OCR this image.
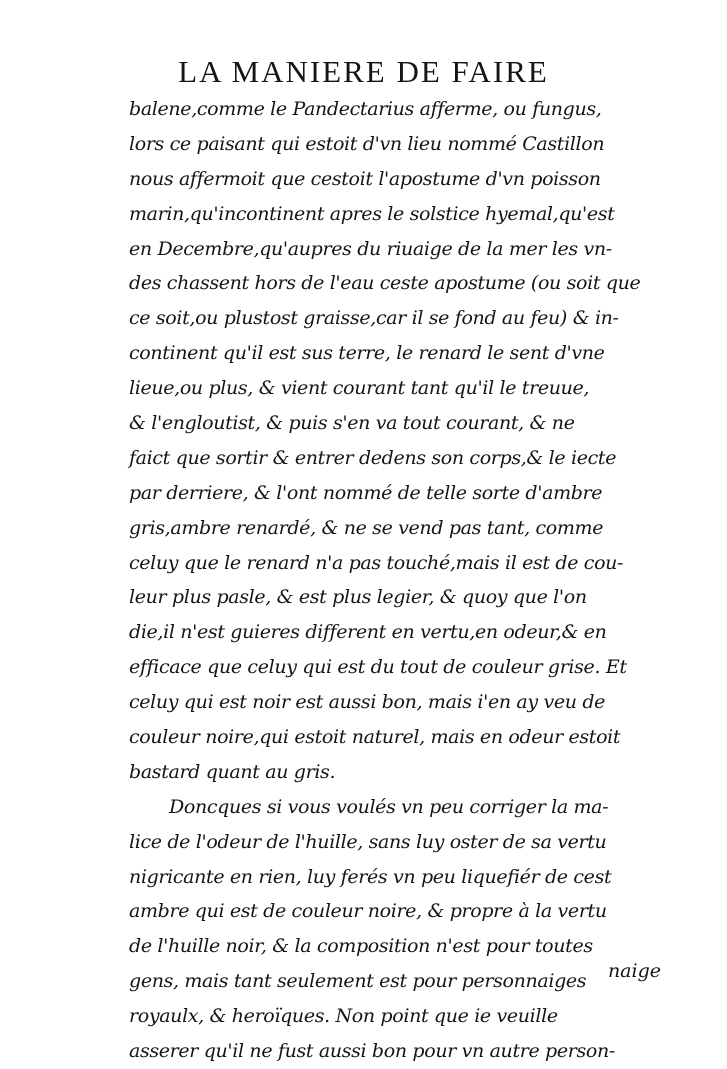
LA MANIERE DE FAIRE
balene,comme le Pandectarius afferme, ou fungus,
lors ce paisant qui estoit d'vn lieu nommé Castillon
nous affermoit que cestoit l'apostume d'vn poisson
marin,qu'incontinent apres le solstice hyemal,qu'est
en Decembre,qu'aupres du riuaige de la mer les vn-
des chassent hors de l'eau ceste apostume (ou soit que
ce soit,ou plustost graisse,car il se fond au feu) & in-
continent qu'il est sus terre, le renard le sent d'vne
lieue,ou plus, & vient courant tant qu'il le treuue,
& l'engloutist, & puis s'en va tout courant, & ne
faict que sortir & entrer dedens son corps,& le iecte
par derriere, & l'ont nommé de telle sorte d'ambre
gris,ambre renardé, & ne se vend pas tant, comme
celuy que le renard n'a pas touché,mais il est de cou-
leur plus pasle, & est plus legier, & quoy que l'on
die,il n'est guieres different en vertu,en odeur,& en
efficace que celuy qui est du tout de couleur grise. Et
celuy qui est noir est aussi bon, mais i'en ay veu de
couleur noire,qui estoit naturel, mais en odeur estoit
bastard quant au gris.
Doncques si vous voulés vn peu corriger la ma-
lice de l'odeur de l'huille, sans luy oster de sa vertu
nigricante en rien, luy ferés vn peu liquefiér de cest
ambre qui est de couleur noire, & propre à la vertu
de l'huille noir, & la composition n'est pour toutes
gens, mais tant seulement est pour personnaiges
royaulx, & heroïques. Non point que ie veuille
asserer qu'il ne fust aussi bon pour vn autre person-
naige
